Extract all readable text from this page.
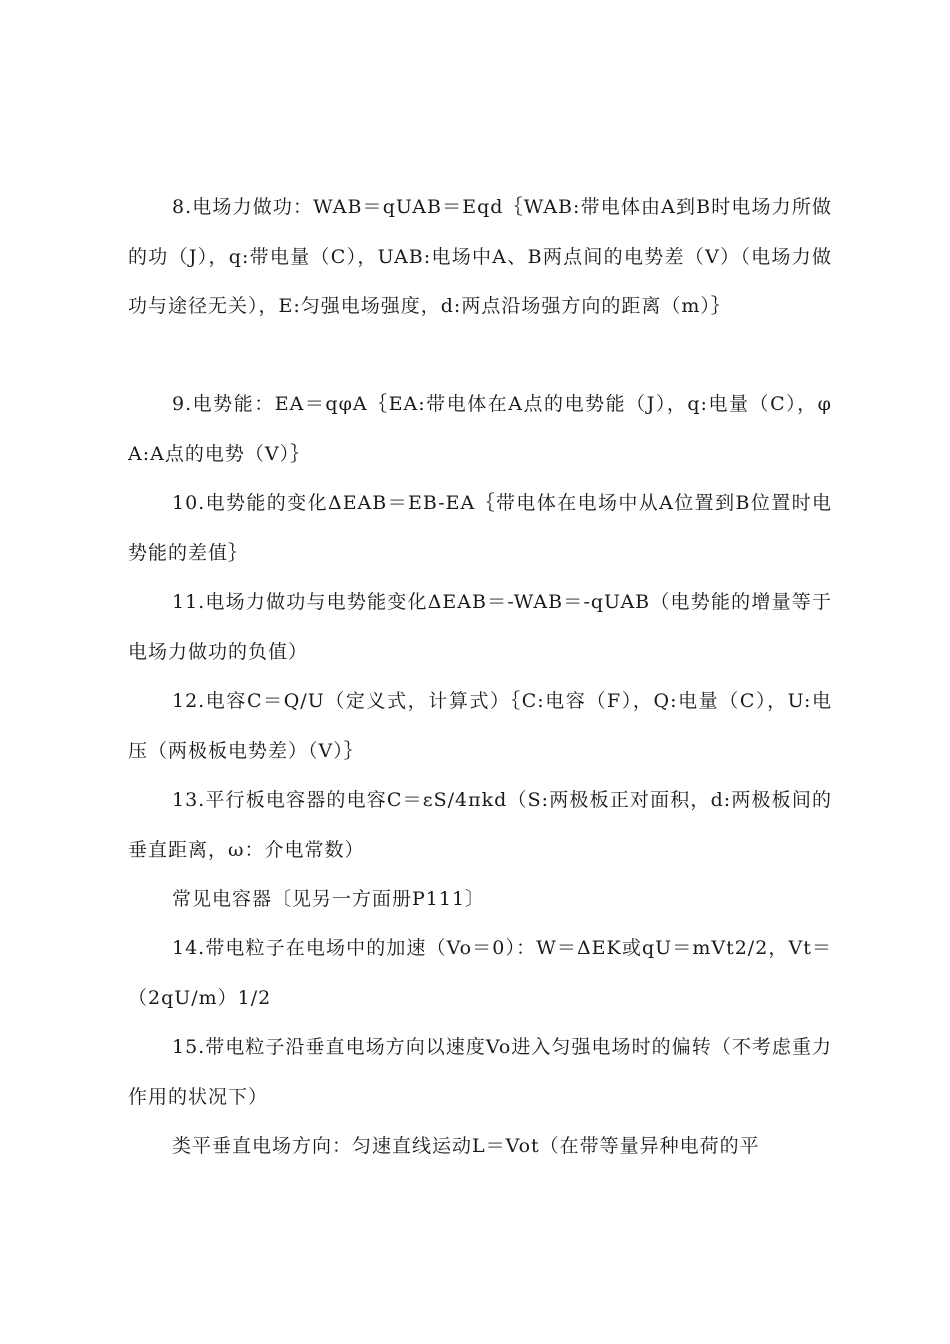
8.电场力做功：WAB＝qUAB＝Eqd｛WAB:带电体由A到B时电场力所做的功（J），q:带电量（C），UAB:电场中A、B两点间的电势差（V）（电场力做功与途径无关），E:匀强电场强度，d:两点沿场强方向的距离（m）｝

9.电势能：EA＝qφA｛EA:带电体在A点的电势能（J），q:电量（C），φA:A点的电势（V）｝

10.电势能的变化ΔEAB＝EB-EA｛带电体在电场中从A位置到B位置时电势能的差值｝

11.电场力做功与电势能变化ΔEAB＝-WAB＝-qUAB（电势能的增量等于电场力做功的负值）

12.电容C＝Q/U（定义式，计算式）｛C:电容（F），Q:电量（C），U:电压（两极板电势差）（V）｝

13.平行板电容器的电容C＝εS/4πkd（S:两极板正对面积，d:两极板间的垂直距离，ω：介电常数）

常见电容器〔见另一方面册P111〕

14.带电粒子在电场中的加速（Vo＝0）：W＝ΔEK或qU＝mVt2/2，Vt＝（2qU/m）1/2

15.带电粒子沿垂直电场方向以速度Vo进入匀强电场时的偏转（不考虑重力作用的状况下）

类平垂直电场方向：匀速直线运动L＝Vot（在带等量异种电荷的平
